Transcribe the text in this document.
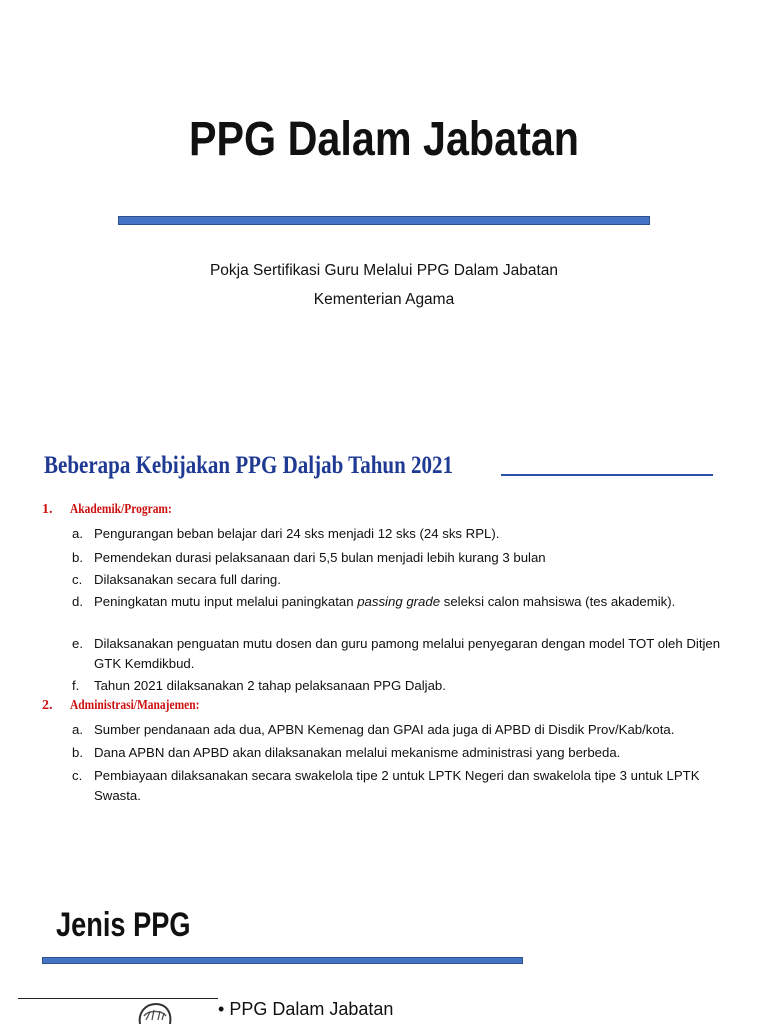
PPG Dalam Jabatan
Pokja Sertifikasi Guru Melalui PPG Dalam Jabatan
Kementerian Agama
Beberapa Kebijakan PPG Daljab Tahun 2021
1. Akademik/Program:
a. Pengurangan beban belajar dari 24 sks menjadi 12 sks (24 sks RPL).
b. Pemendekan durasi pelaksanaan dari 5,5 bulan menjadi lebih kurang 3 bulan
c. Dilaksanakan secara full daring.
d. Peningkatan mutu input melalui paningkatan passing grade seleksi calon mahsiswa (tes akademik).
e. Dilaksanakan penguatan mutu dosen dan guru pamong melalui penyegaran dengan model TOT oleh Ditjen GTK Kemdikbud.
f.	Tahun 2021 dilaksanakan 2 tahap pelaksanaan PPG Daljab.
2. Administrasi/Manajemen:
a. Sumber pendanaan ada dua, APBN Kemenag dan GPAI ada juga di APBD di Disdik Prov/Kab/kota.
b. Dana APBN dan APBD akan dilaksanakan melalui mekanisme administrasi yang berbeda.
c. Pembiayaan dilaksanakan secara swakelola tipe 2 untuk LPTK Negeri dan swakelola tipe 3 untuk LPTK Swasta.
Jenis PPG
• PPG Dalam Jabatan
